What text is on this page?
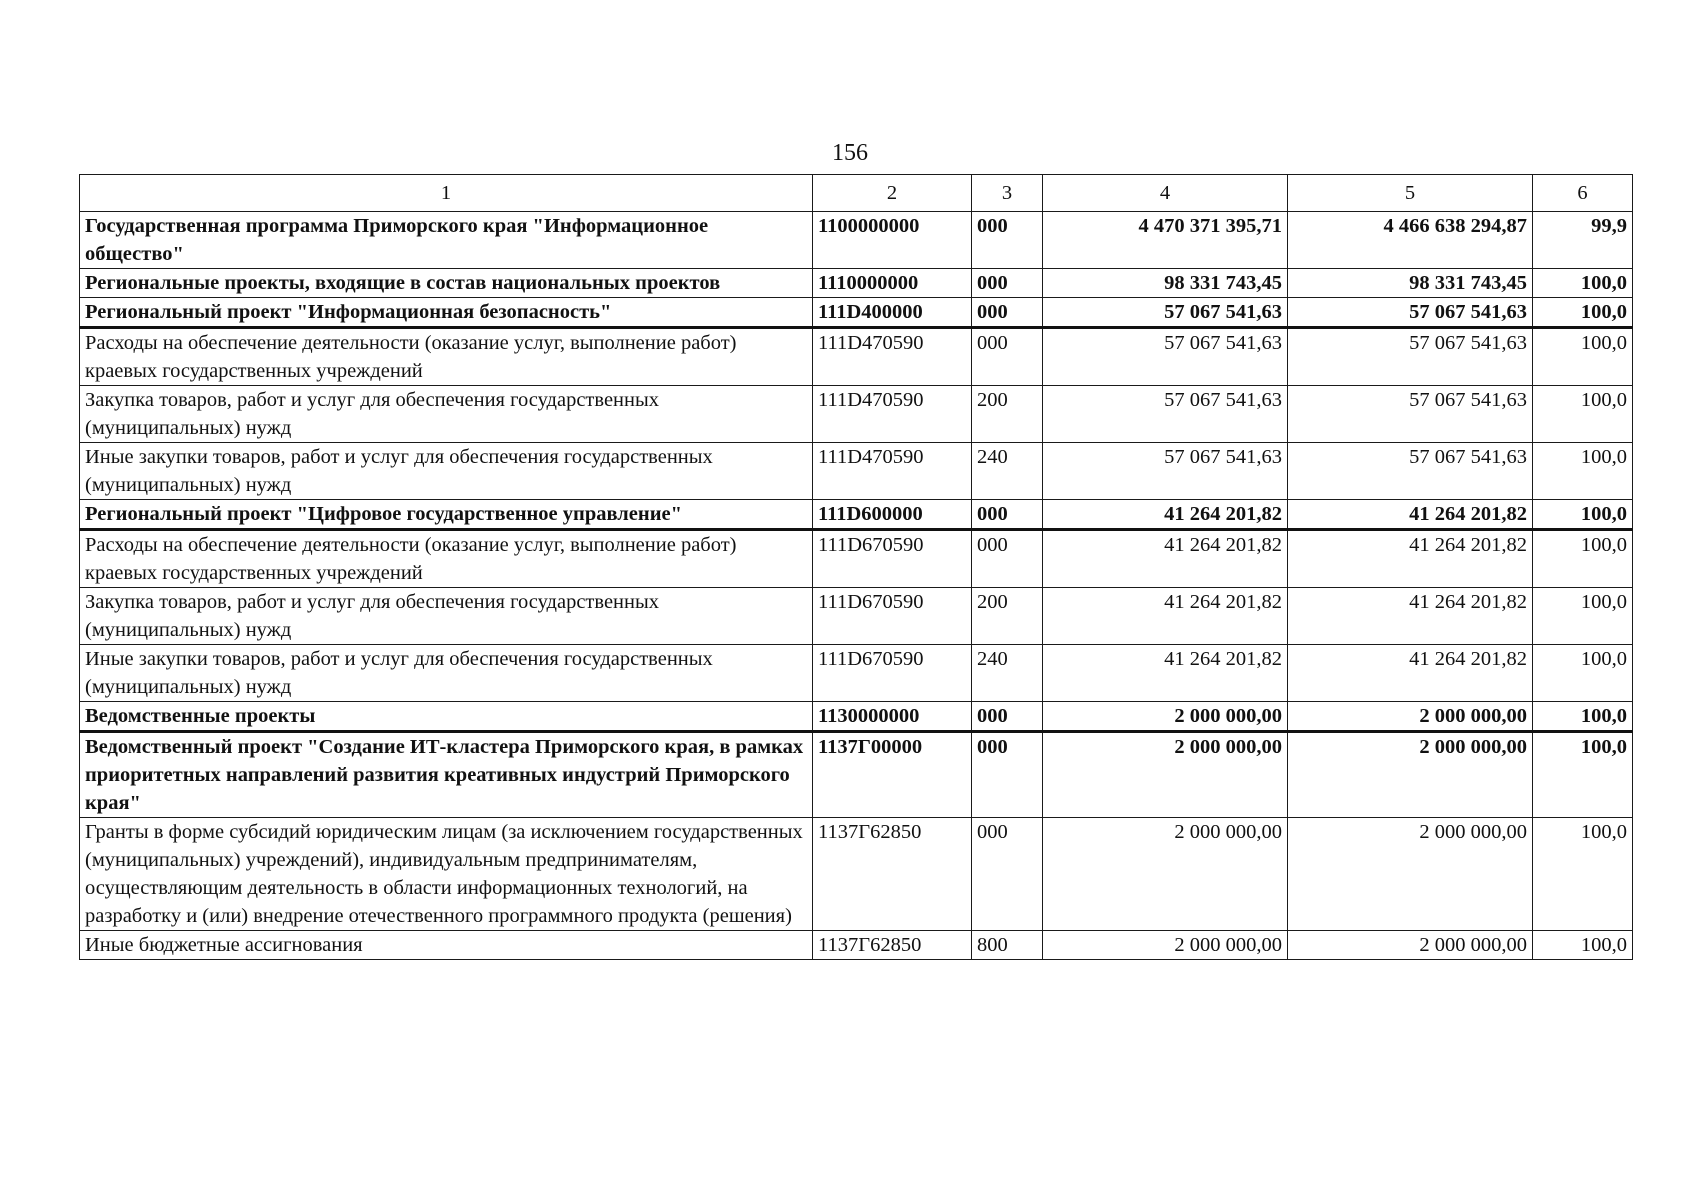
156
1	2	3	4	5	6
Государственная программа Приморского края "Информационное общество"	1100000000	000	4 470 371 395,71	4 466 638 294,87	99,9
Региональные проекты, входящие в состав национальных проектов	1110000000	000	98 331 743,45	98 331 743,45	100,0
Региональный проект "Информационная безопасность"	111D400000	000	57 067 541,63	57 067 541,63	100,0
Расходы на обеспечение деятельности (оказание услуг, выполнение работ) краевых государственных учреждений	111D470590	000	57 067 541,63	57 067 541,63	100,0
Закупка товаров, работ и услуг для обеспечения государственных (муниципальных) нужд	111D470590	200	57 067 541,63	57 067 541,63	100,0
Иные закупки товаров, работ и услуг для обеспечения государственных (муниципальных) нужд	111D470590	240	57 067 541,63	57 067 541,63	100,0
Региональный проект "Цифровое государственное управление"	111D600000	000	41 264 201,82	41 264 201,82	100,0
Расходы на обеспечение деятельности (оказание услуг, выполнение работ) краевых государственных учреждений	111D670590	000	41 264 201,82	41 264 201,82	100,0
Закупка товаров, работ и услуг для обеспечения государственных (муниципальных) нужд	111D670590	200	41 264 201,82	41 264 201,82	100,0
Иные закупки товаров, работ и услуг для обеспечения государственных (муниципальных) нужд	111D670590	240	41 264 201,82	41 264 201,82	100,0
Ведомственные проекты	1130000000	000	2 000 000,00	2 000 000,00	100,0
Ведомственный проект "Создание ИТ-кластера Приморского края, в рамках приоритетных направлений развития креативных индустрий Приморского края"	1137Г00000	000	2 000 000,00	2 000 000,00	100,0
Гранты в форме субсидий юридическим лицам (за исключением государственных (муниципальных) учреждений), индивидуальным предпринимателям, осуществляющим деятельность в области информационных технологий, на разработку и (или) внедрение отечественного программного продукта (решения)	1137Г62850	000	2 000 000,00	2 000 000,00	100,0
Иные бюджетные ассигнования	1137Г62850	800	2 000 000,00	2 000 000,00	100,0
